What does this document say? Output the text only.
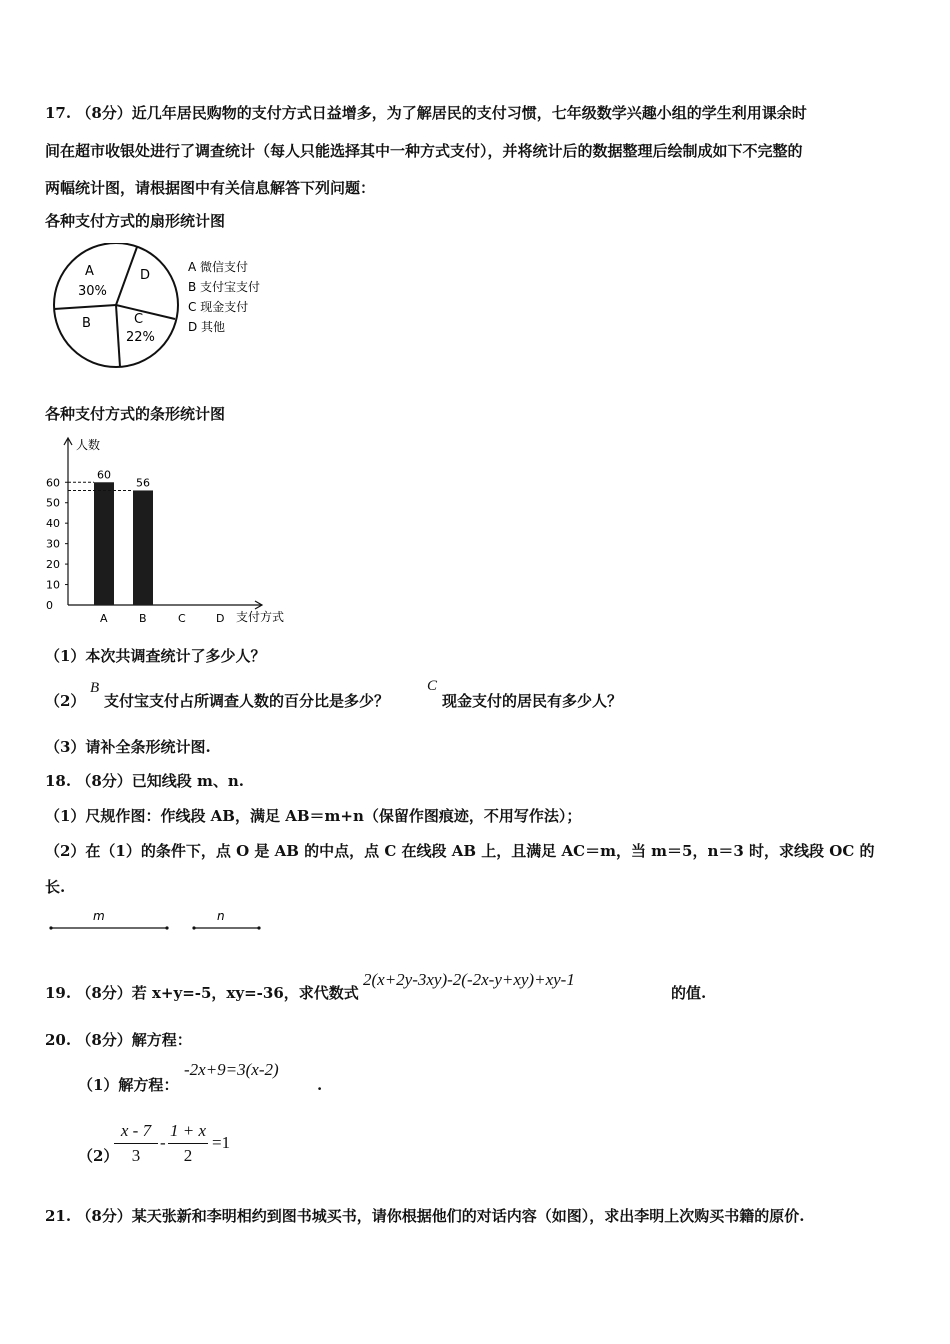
17. （8分）近几年居民购物的支付方式日益增多，为了解居民的支付习惯，七年级数学兴趣小组的学生利用课余时
间在超市收银处进行了调查统计（每人只能选择其中一种方式支付），并将统计后的数据整理后绘制成如下不完整的
两幅统计图，请根据图中有关信息解答下列问题：
各种支付方式的扇形统计图
A
30%
B	C
22%
D
A 微信支付
B 支付宝支付
C 现金支付
D 其他
各种支付方式的条形统计图
人数
支付方式
0
10
20
30
40
50
60
A
60
B
56
C	D
（1）本次共调查统计了多少人？
（2）
B
支付宝支付占所调查人数的百分比是多少？
C
现金支付的居民有多少人？
（3）请补全条形统计图.
18. （8分）已知线段 m、n.
（1）尺规作图：作线段 AB，满足 AB＝m+n（保留作图痕迹，不用写作法）；
（2）在（1）的条件下，点 O 是 AB 的中点，点 C 在线段 AB 上，且满足 AC＝m，当 m＝5，n＝3 时，求线段 OC 的
长.
m	n
19. （8分）若 x+y=-5，xy=-36，求代数式
2(x+2y-3xy)-2(-2x-y+xy)+xy-1
的值.
20. （8分）解方程：
（1）解方程：
-2x+9=3(x-2)
.
（2）
x - 7
3
-
1 + x
2
=1
21. （8分）某天张新和李明相约到图书城买书，请你根据他们的对话内容（如图），求出李明上次购买书籍的原价.
